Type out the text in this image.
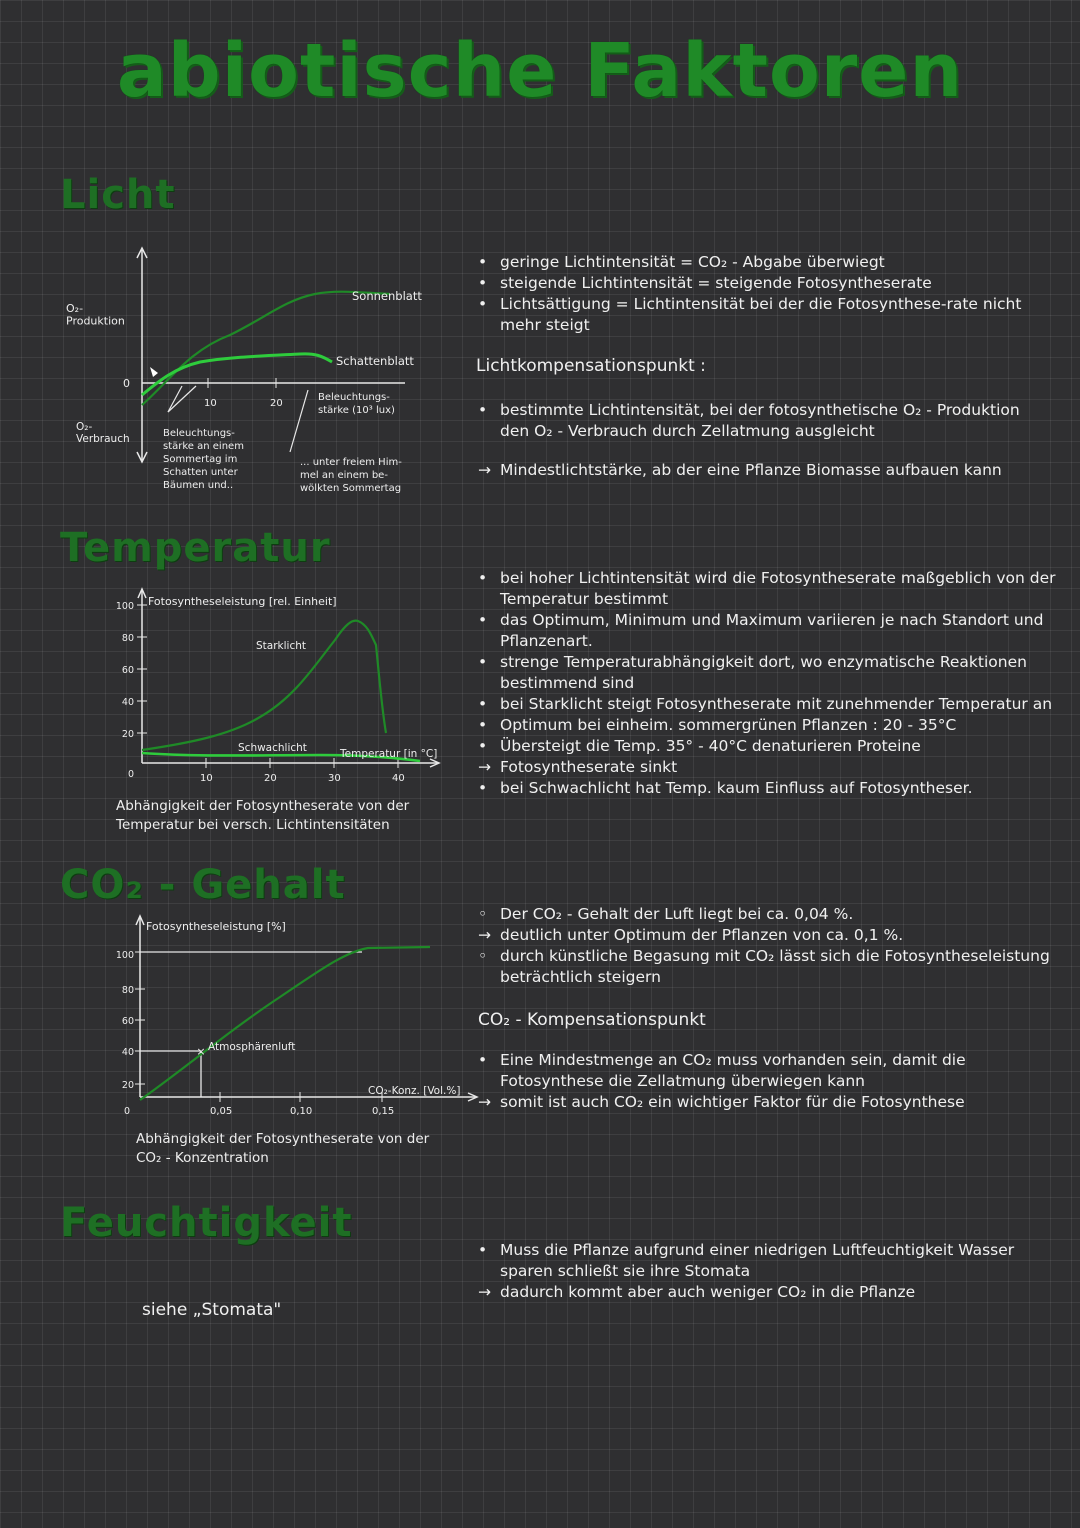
abiotische Faktoren
Licht
O₂-Produktion
0
O₂-Verbrauch
10	20
Sonnenblatt
Schattenblatt
Beleuchtungs-stärke (10³ lux)
Beleuchtungs-stärke an einem Sommertag im Schatten unter Bäumen und..
... unter freiem Him-mel an einem be-wölkten Sommertag
• geringe Lichtintensität = CO₂ - Abgabe überwiegt
• steigende Lichtintensität = steigende Fotosyntheserate
• Lichtsättigung = Lichtintensität bei der die Fotosynthese-rate nicht mehr steigt
Lichtkompensationspunkt :
• bestimmte Lichtintensität, bei der fotosynthetische O₂ - Produktion den O₂ - Verbrauch durch Zellatmung ausgleicht
→ Mindestlichtstärke, ab der eine Pflanze Biomasse aufbauen kann
Temperatur
Fotosyntheseleistung [rel. Einheit]
100
80
60
40
20
0	10	20	30	40
Temperatur [in °C]
Starklicht
Schwachlicht
Abhängigkeit der Fotosyntheserate von der Temperatur bei versch. Lichtintensitäten
• bei hoher Lichtintensität wird die Fotosyntheserate maßgeblich von der Temperatur bestimmt
• das Optimum, Minimum und Maximum variieren je nach Standort und Pflanzenart.
• strenge Temperaturabhängigkeit dort, wo enzymatische Reaktionen bestimmend sind
• bei Starklicht steigt Fotosyntheserate mit zunehmender Temperatur an
• Optimum bei einheim. sommergrünen Pflanzen : 20 - 35°C
• Übersteigt die Temp. 35° - 40°C denaturieren Proteine
→ Fotosyntheserate sinkt
• bei Schwachlicht hat Temp. kaum Einfluss auf Fotosyntheser.
CO₂ - Gehalt
× Atmosphärenluft
Fotosyntheseleistung [%]
100
80
60
40
20
0	0,05	0,10	0,15
CO₂-Konz. [Vol.%]
Abhängigkeit der Fotosyntheserate von der CO₂ - Konzentration
◦ Der CO₂ - Gehalt der Luft liegt bei ca. 0,04 %.
→ deutlich unter Optimum der Pflanzen von ca. 0,1 %.
◦ durch künstliche Begasung mit CO₂ lässt sich die Fotosyntheseleistung beträchtlich steigern
CO₂ - Kompensationspunkt
• Eine Mindestmenge an CO₂ muss vorhanden sein, damit die Fotosynthese die Zellatmung überwiegen kann
→ somit ist auch CO₂ ein wichtiger Faktor für die Fotosynthese
Feuchtigkeit
siehe „Stomata"
• Muss die Pflanze aufgrund einer niedrigen Luftfeuchtigkeit Wasser sparen schließt sie ihre Stomata
→ dadurch kommt aber auch weniger CO₂ in die Pflanze
